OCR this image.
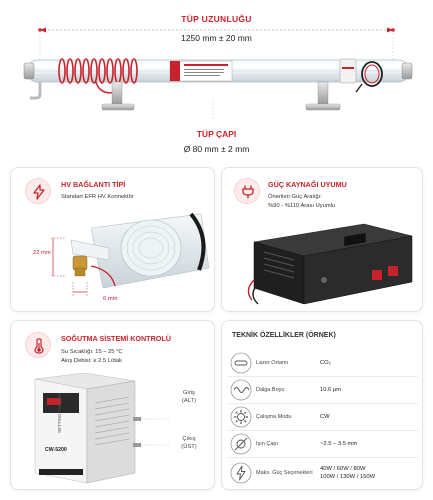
TÜP UZUNLUĞU
1250 mm ± 20 mm
TÜP ÇAPI
Ø 80 mm ± 2 mm
HV BAĞLANTI TİPİ
Standart EFR HV Konnektör
22 mm
6 mm
GÜÇ KAYNAĞI UYUMU
Önerilen Güç Aralığı:
%90 - %110 Arası Uyumlu
SOĞUTMA SİSTEMİ KONTROLÜ
Su Sıcaklığı: 15 – 25 °C
Akış Debisi: ≥ 2.5 L/dak
CW-5200
SETTING TARGEM
Giriş
(ALT)
Çıkış
(ÜST)
TEKNİK ÖZELLİKLER (ÖRNEK)
Lazer Ortamı	CO₂
Dalga Boyu	10.6 µm
Çalışma Modu	CW
Işın Çapı	~2.5 – 3.5 mm
Maks. Güç Seçenekleri
40W / 60W / 80W
100W / 130W / 150W
